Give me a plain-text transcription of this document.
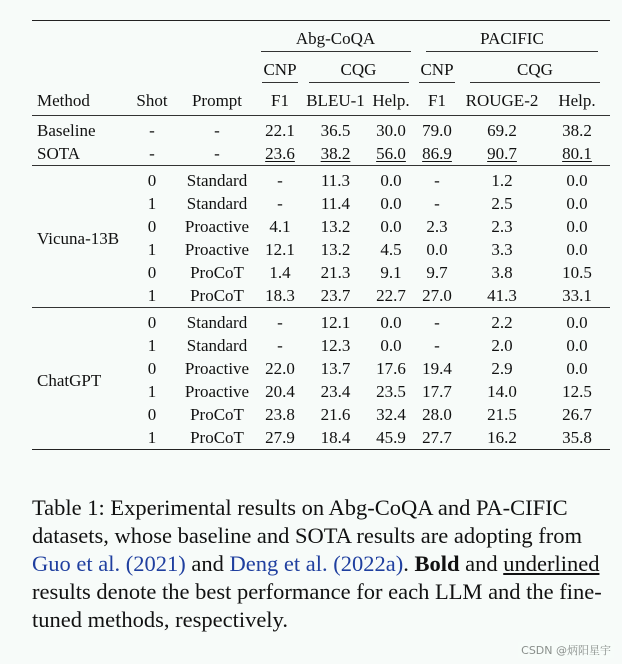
			Abg-CoQA			PACIFIC		
			CNP	CQG		CNP	CQG	
Method	Shot	Prompt	F1	BLEU-1	Help.	F1	ROUGE-2	Help.
Baseline	-	-	22.1	36.5	30.0	79.0	69.2	38.2
SOTA	-	-	23.6	38.2	56.0	86.9	90.7	80.1
Vicuna-13B	0	Standard	-	11.3	0.0	-	1.2	0.0
	1	Standard	-	11.4	0.0	-	2.5	0.0
	0	Proactive	4.1	13.2	0.0	2.3	2.3	0.0
	1	Proactive	12.1	13.2	4.5	0.0	3.3	0.0
	0	ProCoT	1.4	21.3	9.1	9.7	3.8	10.5
	1	ProCoT	18.3	23.7	22.7	27.0	41.3	33.1
ChatGPT	0	Standard	-	12.1	0.0	-	2.2	0.0
	1	Standard	-	12.3	0.0	-	2.0	0.0
	0	Proactive	22.0	13.7	17.6	19.4	2.9	0.0
	1	Proactive	20.4	23.4	23.5	17.7	14.0	12.5
	0	ProCoT	23.8	21.6	32.4	28.0	21.5	26.7
	1	ProCoT	27.9	18.4	45.9	27.7	16.2	35.8

Table 1: Experimental results on Abg-CoQA and PA-CIFIC datasets, whose baseline and SOTA results are adopting from Guo et al. (2021) and Deng et al. (2022a). Bold and underlined results denote the best performance for each LLM and the fine-tuned methods, respectively.

CSDN @炳阳星宇
